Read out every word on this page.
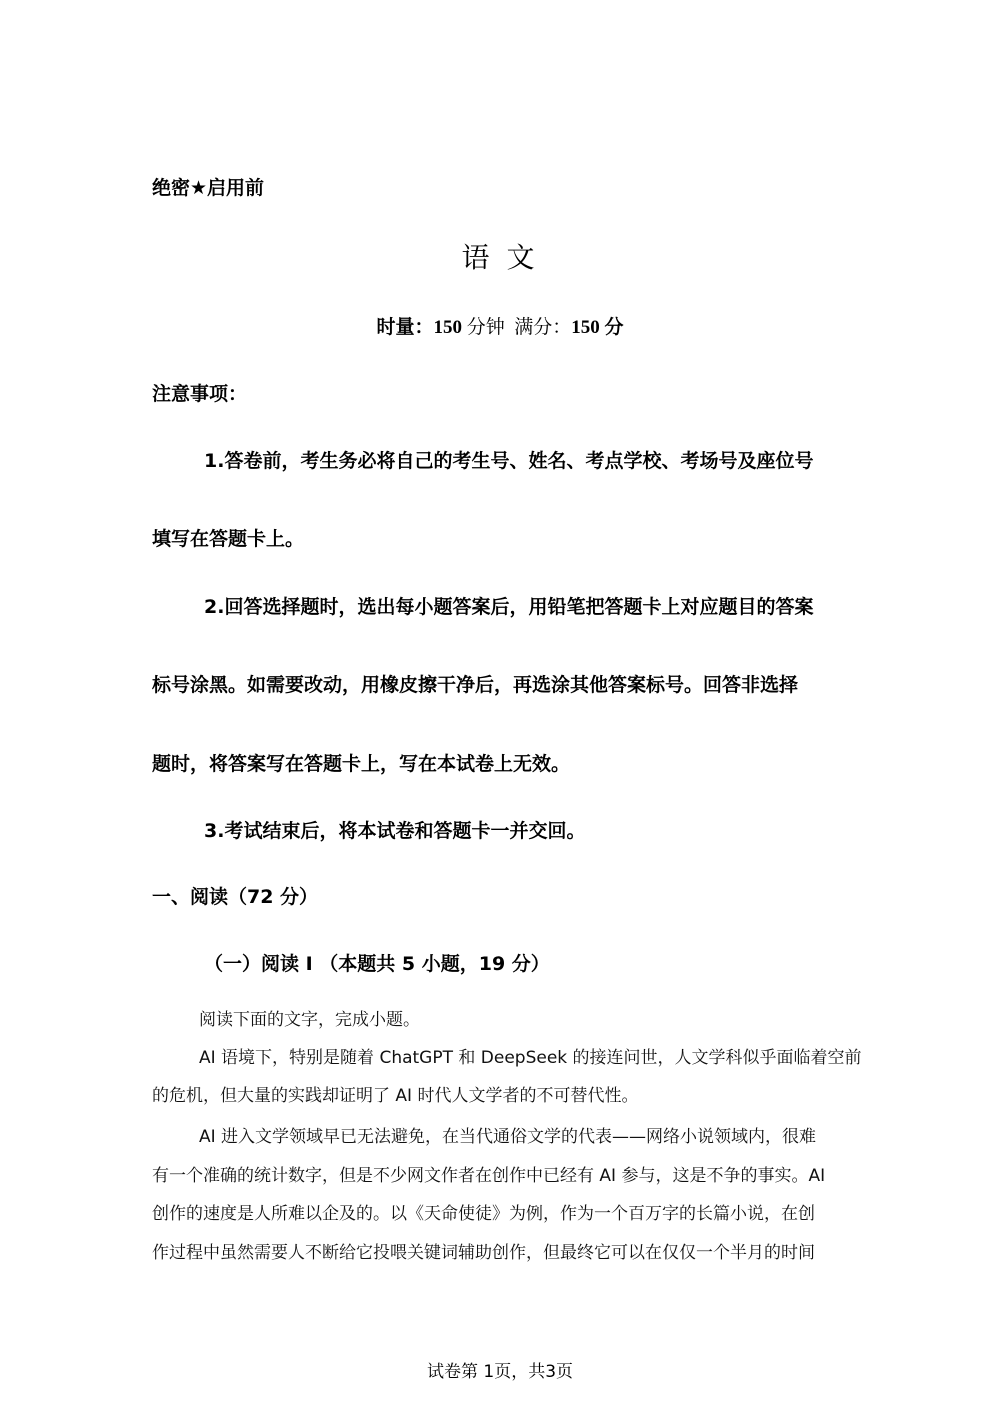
绝密★启用前
语 文
时量：150 分钟 满分：150 分
注意事项：
1.答卷前，考生务必将自己的考生号、姓名、考点学校、考场号及座位号
填写在答题卡上。
2.回答选择题时，选出每小题答案后，用铅笔把答题卡上对应题目的答案
标号涂黑。如需要改动，用橡皮擦干净后，再选涂其他答案标号。回答非选择
题时，将答案写在答题卡上，写在本试卷上无效。
3.考试结束后，将本试卷和答题卡一并交回。
一、阅读（72 分）
（一）阅读 I （本题共 5 小题，19 分）
阅读下面的文字，完成小题。
AI 语境下，特别是随着 ChatGPT 和 DeepSeek 的接连问世，人文学科似乎面临着空前
的危机，但大量的实践却证明了 AI 时代人文学者的不可替代性。
AI 进入文学领域早已无法避免，在当代通俗文学的代表——网络小说领域内，很难
有一个准确的统计数字，但是不少网文作者在创作中已经有 AI 参与，这是不争的事实。AI
创作的速度是人所难以企及的。以《天命使徒》为例，作为一个百万字的长篇小说，在创
作过程中虽然需要人不断给它投喂关键词辅助创作，但最终它可以在仅仅一个半月的时间
试卷第 1页，共3页
